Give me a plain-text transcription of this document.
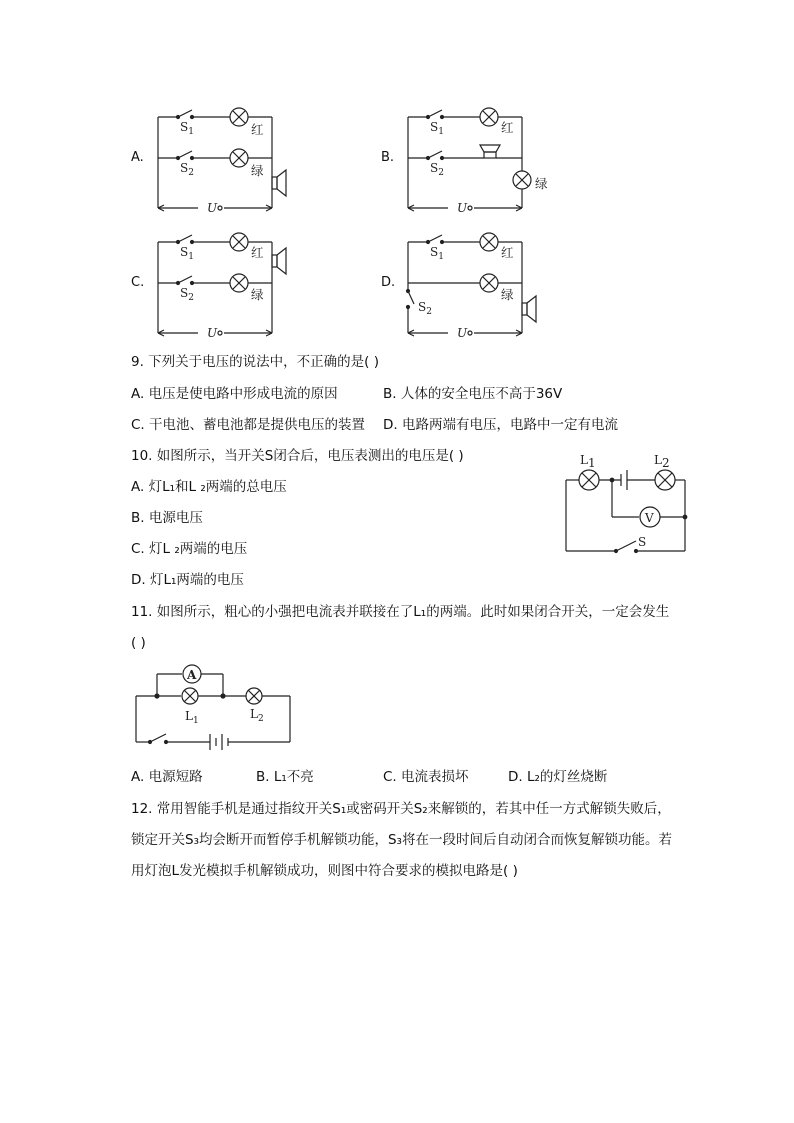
A.	B.
C.	D.
$S_1$
$S_2$
红
绿
U
$S_1$
$S_2$
红
绿
U
$S_1$
$S_2$
红
绿
U
$S_1$
$S_2$
红
绿
U
9. 下列关于电压的说法中，不正确的是( )
A. 电压是使电路中形成电流的原因	B. 人体的安全电压不高于36V
C. 干电池、蓄电池都是提供电压的装置 D. 电路两端有电压，电路中一定有电流
10. 如图所示，当开关S闭合后，电压表测出的电压是( )
A. 灯L₁和L ₂两端的总电压
B. 电源电压
C. 灯L ₂两端的电压
D. 灯L₁两端的电压
L1	L2
V
S
11. 如图所示，粗心的小强把电流表并联接在了L₁的两端。此时如果闭合开关，一定会发生
( )
A
$L_1$	$L_2$
A. 电源短路	B. L₁不亮	C. 电流表损坏	D. L₂的灯丝烧断
12. 常用智能手机是通过指纹开关S₁或密码开关S₂来解锁的，若其中任一方式解锁失败后，
锁定开关S₃均会断开而暂停手机解锁功能，S₃将在一段时间后自动闭合而恢复解锁功能。若
用灯泡L发光模拟手机解锁成功，则图中符合要求的模拟电路是( )
